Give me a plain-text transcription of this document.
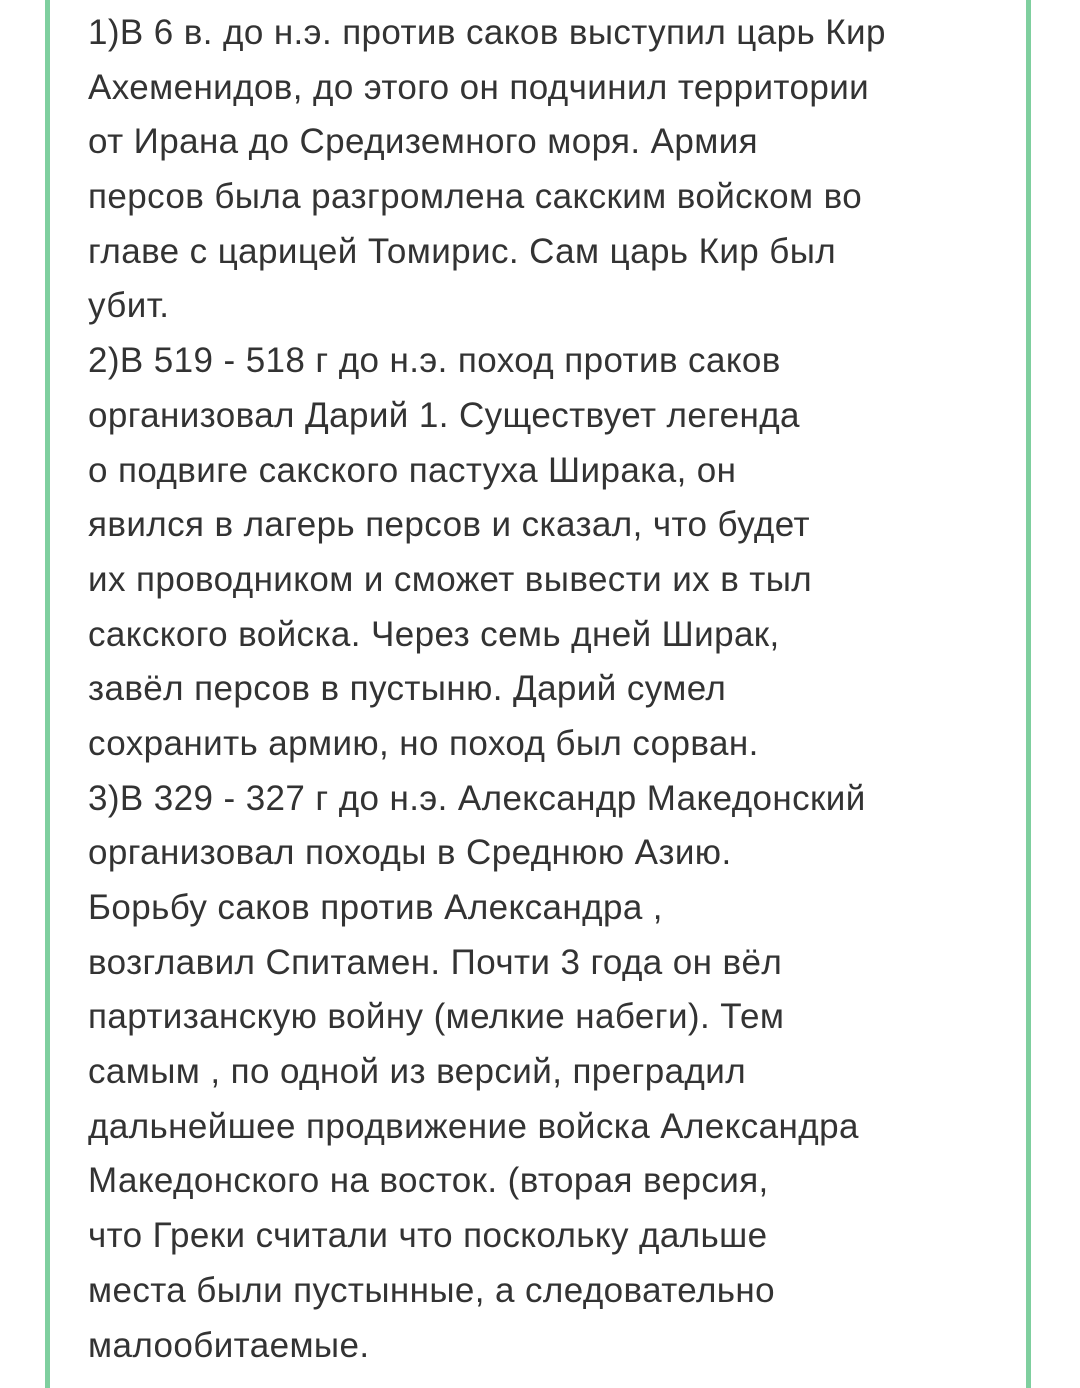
1)В 6 в. до н.э. против саков выступил царь Кир
Ахеменидов, до этого он подчинил территории
от Ирана до Средиземного моря. Армия
персов была разгромлена сакским войском во
главе с царицей Томирис. Сам царь Кир был
убит.
2)В 519 - 518 г до н.э. поход против саков
организовал Дарий 1. Существует легенда
о подвиге сакского пастуха Ширака, он
явился в лагерь персов и сказал, что будет
их проводником и сможет вывести их в тыл
сакского войска. Через семь дней Ширак,
завёл персов в пустыню. Дарий сумел
сохранить армию, но поход был сорван.
3)В 329 - 327 г до н.э. Александр Македонский
организовал походы в Среднюю Азию.
Борьбу саков против Александра ,
возглавил Спитамен. Почти 3 года он вёл
партизанскую войну (мелкие набеги). Тем
самым , по одной из версий, преградил
дальнейшее продвижение войска Александра
Македонского на восток. (вторая версия,
что Греки считали что поскольку дальше
места были пустынные, а следовательно
малообитаемые.
